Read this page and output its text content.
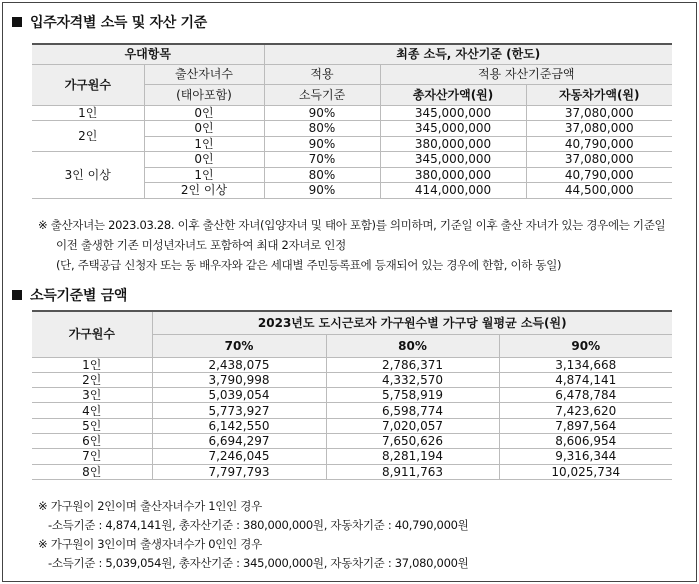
입주자격별 소득 및 자산 기준
우대항목		최종 소득, 자산기준 (한도)		
가구원수	출산자녀수	적용	적용 자산기준금액	
	(태아포함)	소득기준	총자산가액(원)	자동차가액(원)
1인	0인	90%	345,000,000	37,080,000
2인	0인	80%	345,000,000	37,080,000
	1인	90%	380,000,000	40,790,000
3인 이상	0인	70%	345,000,000	37,080,000
	1인	80%	380,000,000	40,790,000
	2인 이상	90%	414,000,000	44,500,000
※ 출산자녀는 2023.03.28. 이후 출산한 자녀(입양자녀 및 태아 포함)를 의미하며, 기준일 이후 출산 자녀가 있는 경우에는 기준일
이전 출생한 기존 미성년자녀도 포함하여 최대 2자녀로 인정
(단, 주택공급 신청자 또는 동 배우자와 같은 세대별 주민등록표에 등재되어 있는 경우에 한함, 이하 동일)
소득기준별 금액
가구원수	2023년도 도시근로자 가구원수별 가구당 월평균 소득(원)		
	70%	80%	90%
1인	2,438,075	2,786,371	3,134,668
2인	3,790,998	4,332,570	4,874,141
3인	5,039,054	5,758,919	6,478,784
4인	5,773,927	6,598,774	7,423,620
5인	6,142,550	7,020,057	7,897,564
6인	6,694,297	7,650,626	8,606,954
7인	7,246,045	8,281,194	9,316,344
8인	7,797,793	8,911,763	10,025,734
※ 가구원이 2인이며 출산자녀수가 1인인 경우
-소득기준 : 4,874,141원, 총자산기준 : 380,000,000원, 자동차기준 : 40,790,000원
※ 가구원이 3인이며 출생자녀수가 0인인 경우
-소득기준 : 5,039,054원, 총자산기준 : 345,000,000원, 자동차기준 : 37,080,000원
